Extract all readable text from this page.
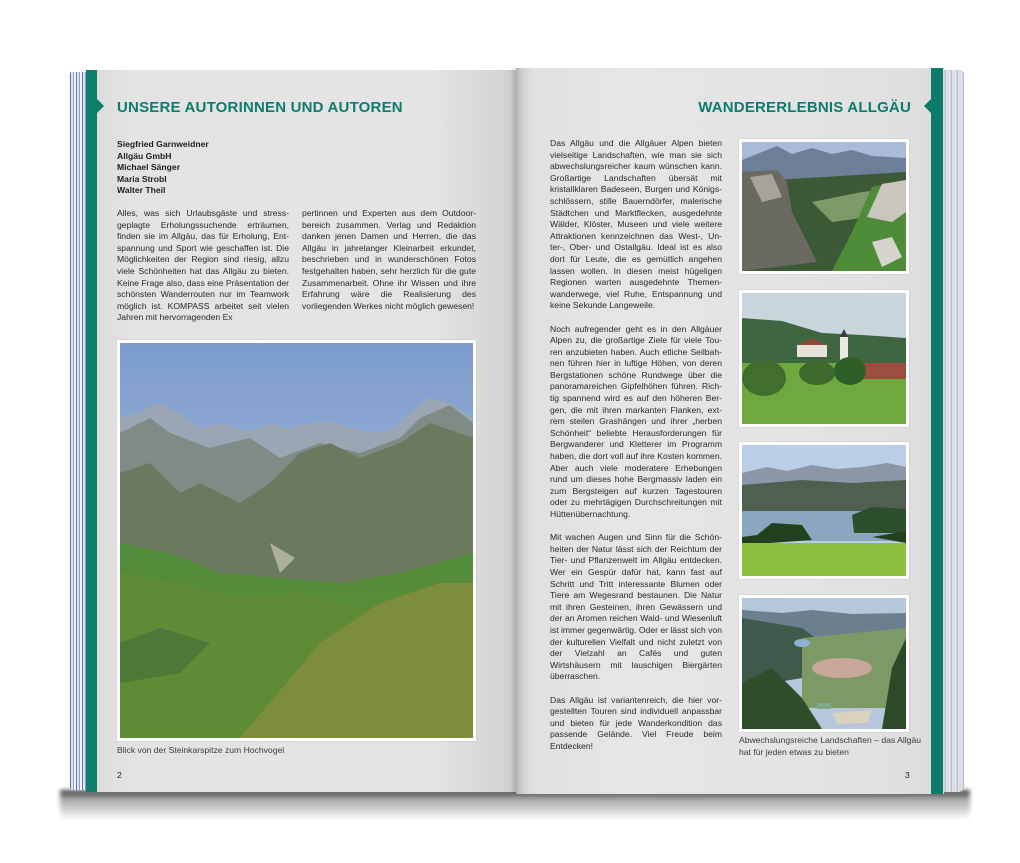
UNSERE AUTORINNEN UND AUTOREN
Siegfried Garnweidner
Allgäu GmbH
Michael Sänger
Maria Strobl
Walter Theil

Alles, was sich Urlaubsgäste und stressgeplagte Erholungssuchende erträumen, finden sie im Allgäu, das für Erholung, Entspannung und Sport wie geschaffen ist. Die Möglichkeiten der Region sind riesig, allzu viele Schönheiten hat das Allgäu zu bieten. Keine Frage also, dass eine Präsentation der schönsten Wanderrouten nur im Teamwork möglich ist. KOMPASS arbeitet seit vielen Jahren mit hervorragenden Ex

pertinnen und Experten aus dem Outdoorbereich zusammen. Verlag und Redaktion danken jenen Damen und Herren, die das Allgäu in jahrelanger Kleinarbeit erkundet, beschrieben und in wunderschönen Fotos festgehalten haben, sehr herzlich für die gute Zusammenarbeit. Ohne ihr Wissen und ihre Erfahrung wäre die Realisierung des vorliegenden Werkes nicht möglich gewesen!

Blick von der Steinkarspitze zum Hochvogel
2
WANDERERLEBNIS ALLGÄU

Das Allgäu und die Allgäuer Alpen bieten vielseitige Landschaften, wie man sie sich abwechslungsreicher kaum wünschen kann. Großartige Landschaften übersät mit kristallklaren Badeseen, Burgen und Königsschlössern, stille Bauerndörfer, malerische Städtchen und Marktflecken, ausgedehnte Wälder, Klöster, Museen und viele weitere Attraktionen kennzeichnen das West-, Unter-, Ober- und Ostallgäu. Ideal ist es also dort für Leute, die es gemütlich angehen lassen wollen. In diesen meist hügeligen Regionen warten ausgedehnte Themenwanderwege, viel Ruhe, Entspannung und keine Sekunde Langeweile.

Noch aufregender geht es in den Allgäuer Alpen zu, die großartige Ziele für viele Touren anzubieten haben. Auch etliche Seilbahnen führen hier in luftige Höhen, von deren Bergstationen schöne Rundwege über die panoramareichen Gipfelhöhen führen. Richtig spannend wird es auf den höheren Bergen, die mit ihren markanten Flanken, extrem steilen Grashängen und ihrer „herben Schönheit“ beliebte Herausforderungen für Bergwanderer und Kletterer im Programm haben, die dort voll auf ihre Kosten kommen. Aber auch viele moderatere Erhebungen rund um dieses hohe Bergmassiv laden ein zum Bergsteigen auf kurzen Tagestouren oder zu mehrtägigen Durchschreitungen mit Hüttenübernachtung.

Mit wachen Augen und Sinn für die Schönheiten der Natur lässt sich der Reichtum der Tier- und Pflanzenwelt im Allgäu entdecken. Wer ein Gespür dafür hat, kann fast auf Schritt und Tritt interessante Blumen oder Tiere am Wegesrand bestaunen. Die Natur mit ihren Gesteinen, ihren Gewässern und der an Aromen reichen Wald- und Wiesenluft ist immer gegenwärtig. Oder er lässt sich von der kulturellen Vielfalt und nicht zuletzt von der Vielzahl an Cafés und guten Wirtshäusern mit lauschigen Biergärten überraschen.

Das Allgäu ist variantenreich, die hier vorgestellten Touren sind individuell anpassbar und bieten für jede Wanderkondition das passende Gelände. Viel Freude beim Entdecken!

Abwechslungsreiche Landschaften – das Allgäu hat für jeden etwas zu bieten
3
